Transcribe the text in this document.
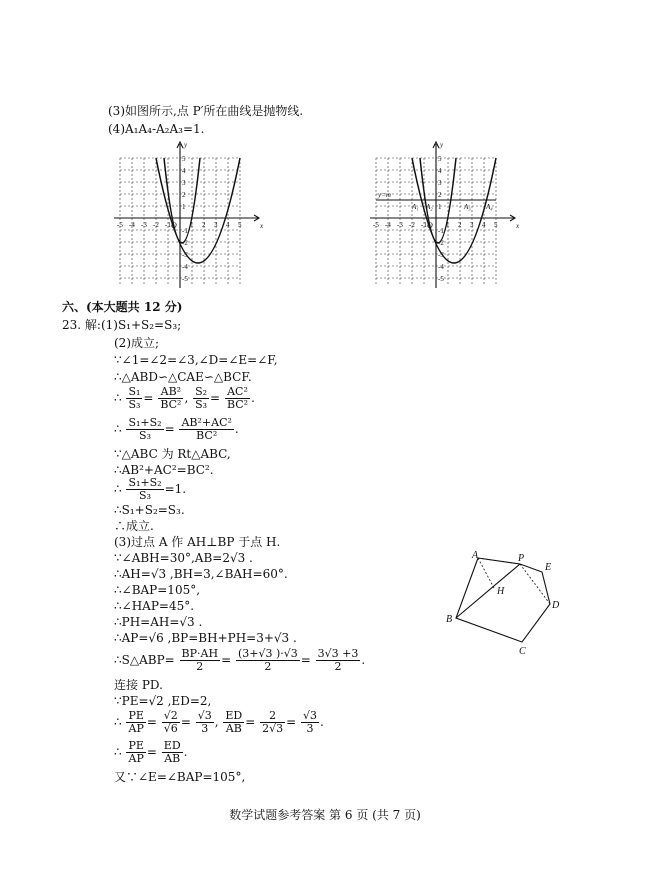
(3)如图所示,点 P′所在曲线是抛物线.
(4)A₁A₄-A₂A₃=1.
y
x
O
-5 -4 -3 -2 -1	1 2 3 4 5
5
4
3
2
1
-1
-2
-3
-4
-5
y
x
O
y=m
A₁ A₂	A₃ A₄
-5 -4 -3 -2 -1	1 2 3 4 5
5
4
3
2
1
-1
-2
-3
-4
-5
六、(本大题共 12 分)
23. 解:(1)S₁+S₂=S₃;
(2)成立;
∵∠1=∠2=∠3,∠D=∠E=∠F,
∴△ABD∽△CAE∽△BCF.
∴ $\frac{\text{S₁}}{\text{S₃}} = \frac{\text{AB²}}{\text{BC²}}$ , $\frac{\text{S₂}}{\text{S₃}} = \frac{\text{AC²}}{\text{BC²}}$ .
∴ $\frac{\text{S₁+S₂}}{\text{S₃}} = \frac{\text{AB²+AC²}}{\text{BC²}}$ .
∵△ABC 为 Rt△ABC,
∴AB²+AC²=BC².
∴ $\frac{\text{S₁+S₂}}{\text{S₃}} =1$.
∴S₁+S₂=S₃.
∴成立.
(3)过点 A 作 AH⊥BP 于点 H.
∵∠ABH=30°,AB=2√3 .
∴AH=√3 ,BH=3,∠BAH=60°.
∴∠BAP=105°,
∴∠HAP=45°.
∴PH=AH=√3 .
∴AP=√6 ,BP=BH+PH=3+√3 .
∴S△ABP= $\frac{BP\cdot AH}{2} = \frac{(3+√3 )\cdot√3}{2} = \frac{3√3 +3}{2}$ .
连接 PD.
∵PE=√2 ,ED=2,
∴ $\frac{PE}{AP} = \frac{√2}{√6} = \frac{√3}{3}$ , $\frac{ED}{AB} = \frac{2}{2√3} = \frac{√3}{3}$ .
∴ $\frac{PE}{AP} = \frac{ED}{AB}$ .
又∵∠E=∠BAP=105°,
A	P
E
H
D
B
C
数学试题参考答案 第 6 页 (共 7 页)
